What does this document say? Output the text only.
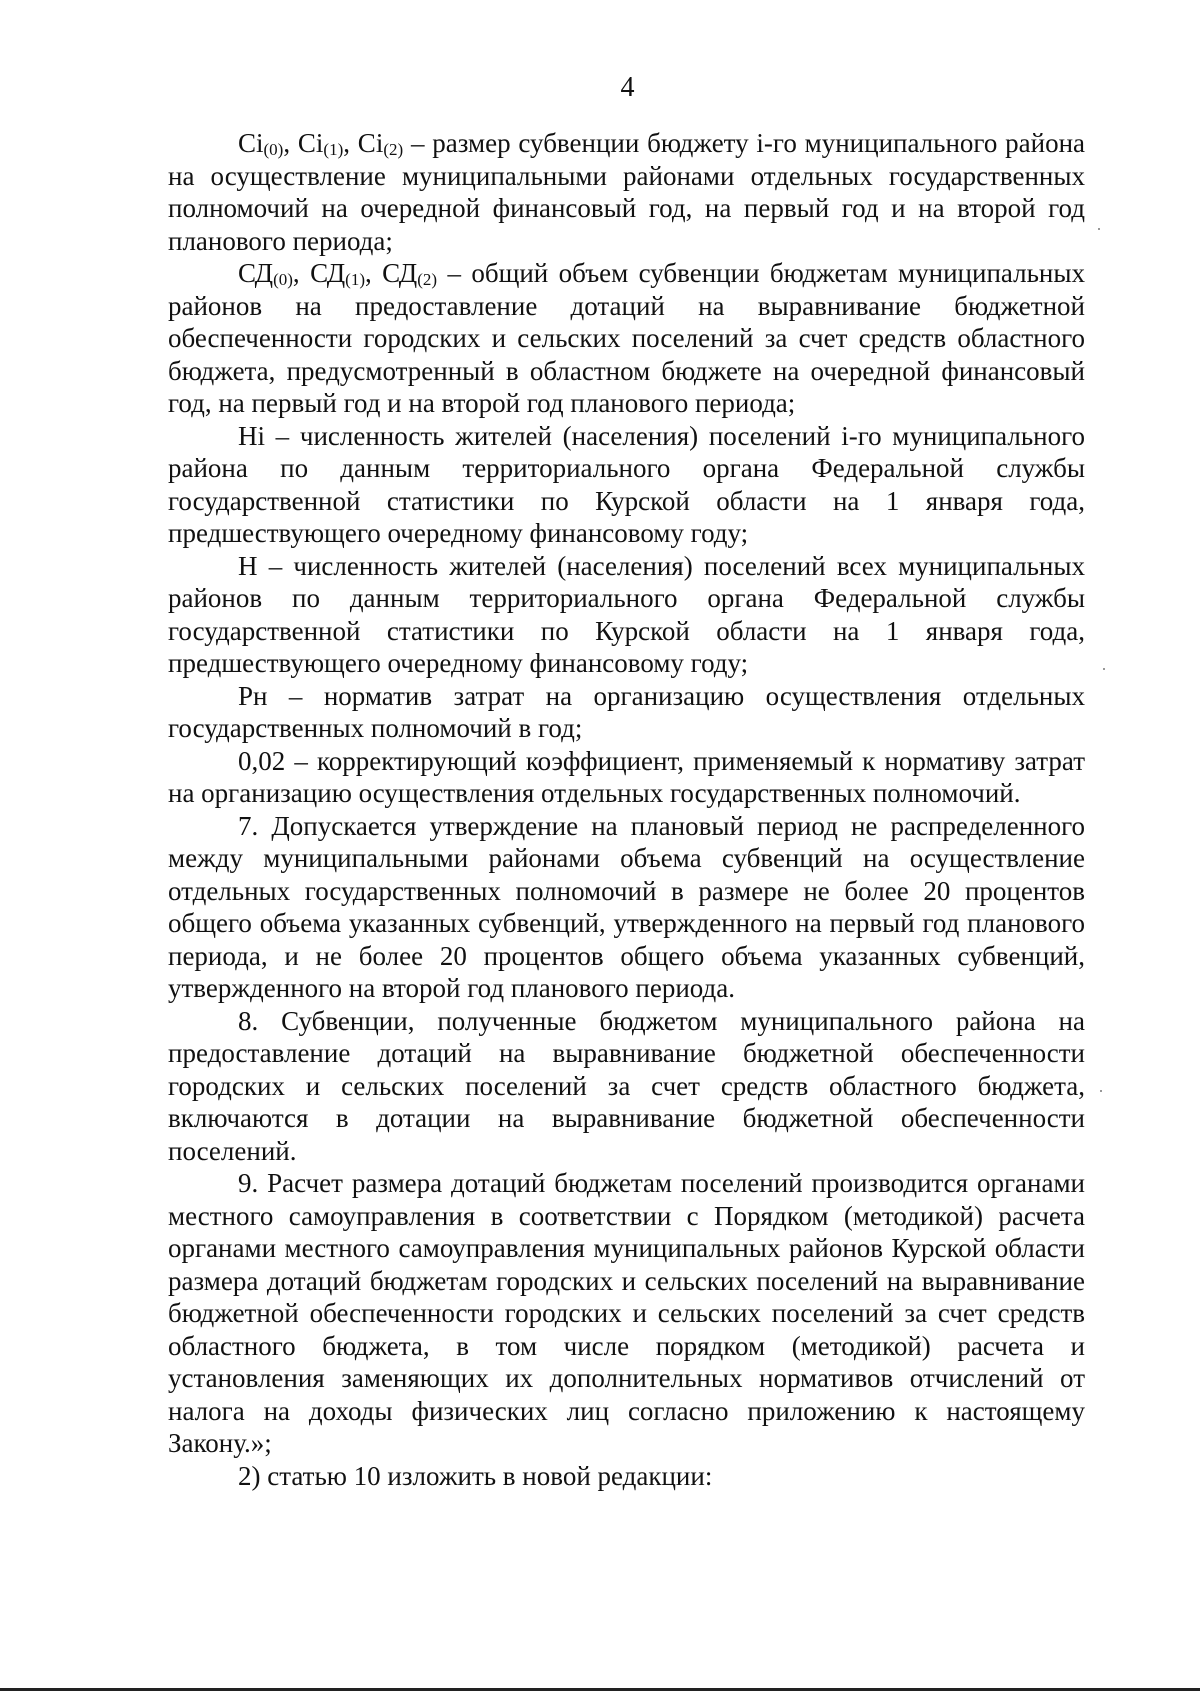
4

$Ci_{(0)}$, $Ci_{(1)}$, $Ci_{(2)}$ – размер субвенции бюджету i-го муниципального района на осуществление муниципальными районами отдельных государственных полномочий на очередной финансовый год, на первый год и на второй год планового периода;

$СД_{(0)}$, $СД_{(1)}$, $СД_{(2)}$ – общий объем субвенции бюджетам муниципальных районов на предоставление дотаций на выравнивание бюджетной обеспеченности городских и сельских поселений за счет средств областного бюджета, предусмотренный в областном бюджете на очередной финансовый год, на первый год и на второй год планового периода;

Hi – численность жителей (населения) поселений i-го муниципального района по данным территориального органа Федеральной службы государственной статистики по Курской области на 1 января года, предшествующего очередному финансовому году;

Н – численность жителей (населения) поселений всех муниципальных районов по данным территориального органа Федеральной службы государственной статистики по Курской области на 1 января года, предшествующего очередному финансовому году;

Рн – норматив затрат на организацию осуществления отдельных государственных полномочий в год;

0,02 – корректирующий коэффициент, применяемый к нормативу затрат на организацию осуществления отдельных государственных полномочий.

7. Допускается утверждение на плановый период не распределенного между муниципальными районами объема субвенций на осуществление отдельных государственных полномочий в размере не более 20 процентов общего объема указанных субвенций, утвержденного на первый год планового периода, и не более 20 процентов общего объема указанных субвенций, утвержденного на второй год планового периода.

8. Субвенции, полученные бюджетом муниципального района на предоставление дотаций на выравнивание бюджетной обеспеченности городских и сельских поселений за счет средств областного бюджета, включаются в дотации на выравнивание бюджетной обеспеченности поселений.

9. Расчет размера дотаций бюджетам поселений производится органами местного самоуправления в соответствии с Порядком (методикой) расчета органами местного самоуправления муниципальных районов Курской области размера дотаций бюджетам городских и сельских поселений на выравнивание бюджетной обеспеченности городских и сельских поселений за счет средств областного бюджета, в том числе порядком (методикой) расчета и установления заменяющих их дополнительных нормативов отчислений от налога на доходы физических лиц согласно приложению к настоящему Закону.»;

2) статью 10 изложить в новой редакции:
